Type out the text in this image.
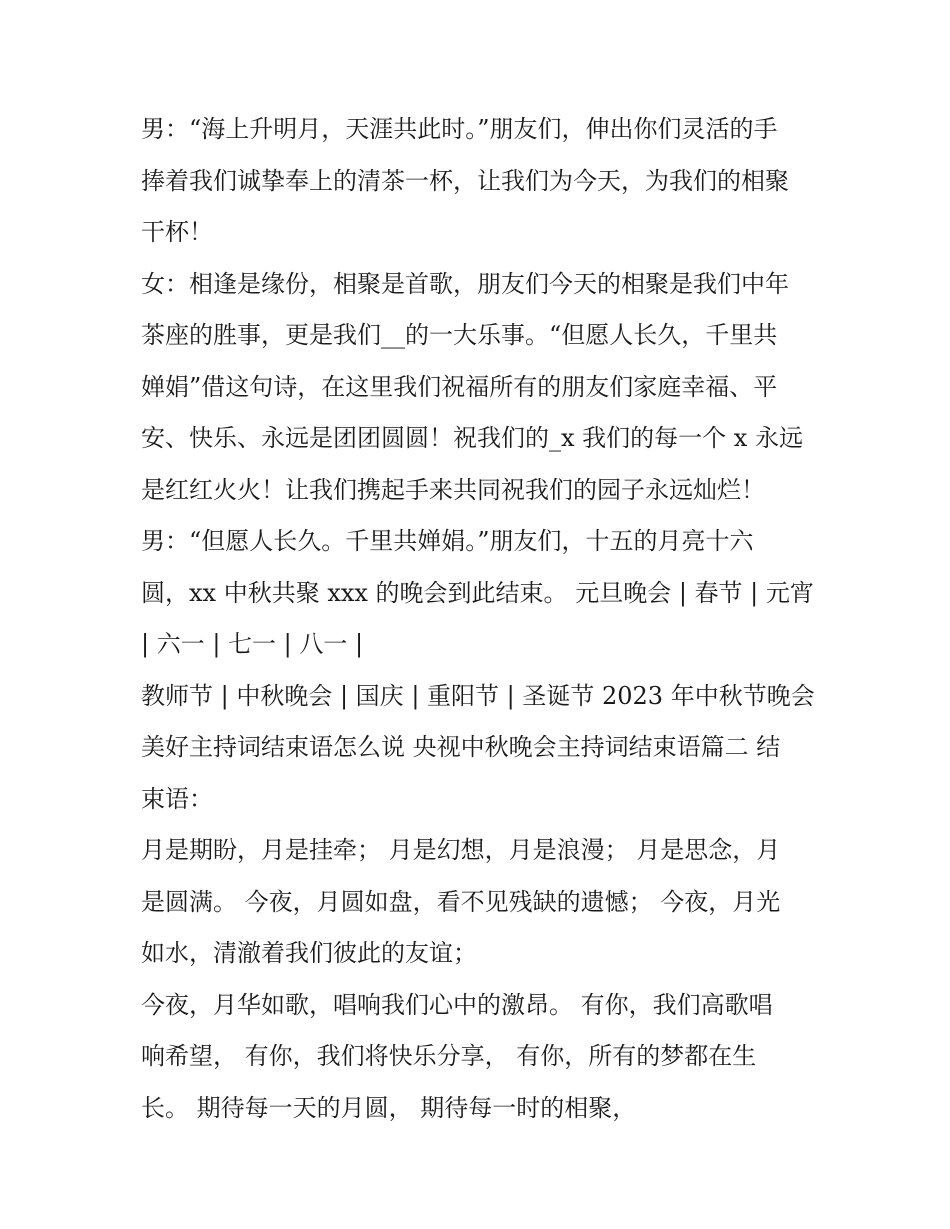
男：“海上升明月，天涯共此时。”朋友们，伸出你们灵活的手
捧着我们诚挚奉上的清茶一杯，让我们为今天，为我们的相聚
干杯！
女：相逢是缘份，相聚是首歌，朋友们今天的相聚是我们中年
茶座的胜事，更是我们__的一大乐事。“但愿人长久，千里共
婵娟”借这句诗，在这里我们祝福所有的朋友们家庭幸福、平
安、快乐、永远是团团圆圆！祝我们的_x 我们的每一个 x 永远
是红红火火！让我们携起手来共同祝我们的园子永远灿烂！
男：“但愿人长久。千里共婵娟。”朋友们，十五的月亮十六
圆，xx 中秋共聚 xxx 的晚会到此结束。 元旦晚会 | 春节 | 元宵
| 六一 | 七一 | 八一 |
教师节 | 中秋晚会 | 国庆 | 重阳节 | 圣诞节 2023 年中秋节晚会
美好主持词结束语怎么说 央视中秋晚会主持词结束语篇二 结
束语：
月是期盼，月是挂牵； 月是幻想，月是浪漫； 月是思念，月
是圆满。 今夜，月圆如盘，看不见残缺的遗憾； 今夜，月光
如水，清澈着我们彼此的友谊；
今夜，月华如歌，唱响我们心中的激昂。 有你，我们高歌唱
响希望， 有你，我们将快乐分享， 有你，所有的梦都在生
长。 期待每一天的月圆， 期待每一时的相聚，
